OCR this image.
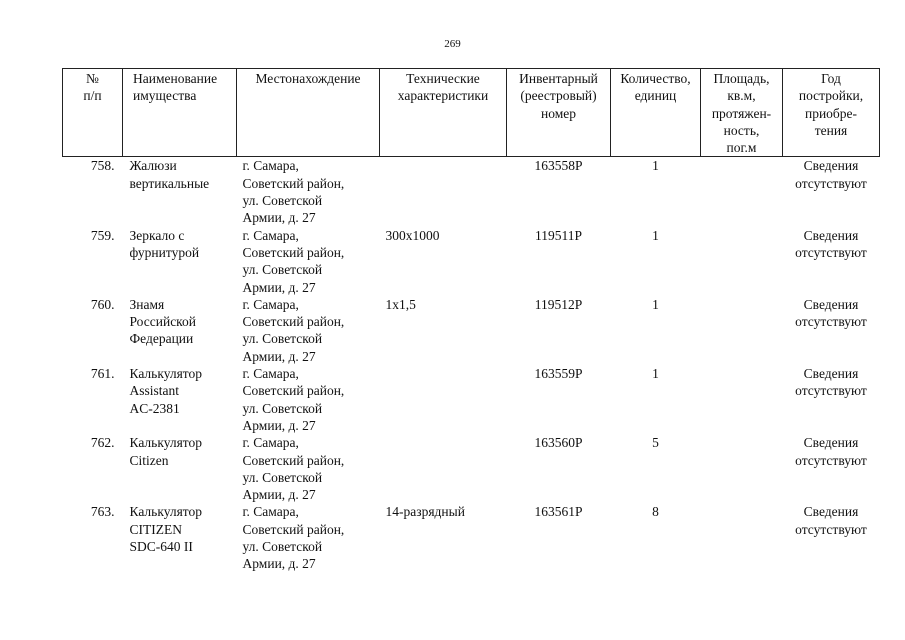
269
№
п/п	Наименование
имущества	Местонахождение	Технические
характеристики	Инвентарный
(реестровый)
номер	Количество,
единиц	Площадь,
кв.м,
протяжен-
ность,
пог.м	Год
постройки,
приобре-
тения

758.	Жалюзи
вертикальные	г. Самара,
Советский район,
ул. Советской
Армии, д. 27		163558Р	1		Сведения
отсутствуют

759.	Зеркало с
фурнитурой	г. Самара,
Советский район,
ул. Советской
Армии, д. 27	300х1000	119511Р	1		Сведения
отсутствуют

760.	Знамя
Российской
Федерации	г. Самара,
Советский район,
ул. Советской
Армии, д. 27	1х1,5	119512Р	1		Сведения
отсутствуют

761.	Калькулятор
Assistant
AC-2381	г. Самара,
Советский район,
ул. Советской
Армии, д. 27		163559Р	1		Сведения
отсутствуют

762.	Калькулятор
Citizen	г. Самара,
Советский район,
ул. Советской
Армии, д. 27		163560Р	5		Сведения
отсутствуют

763.	Калькулятор
CITIZEN
SDC-640 II	г. Самара,
Советский район,
ул. Советской
Армии, д. 27	14-разрядный	163561Р	8		Сведения
отсутствуют
